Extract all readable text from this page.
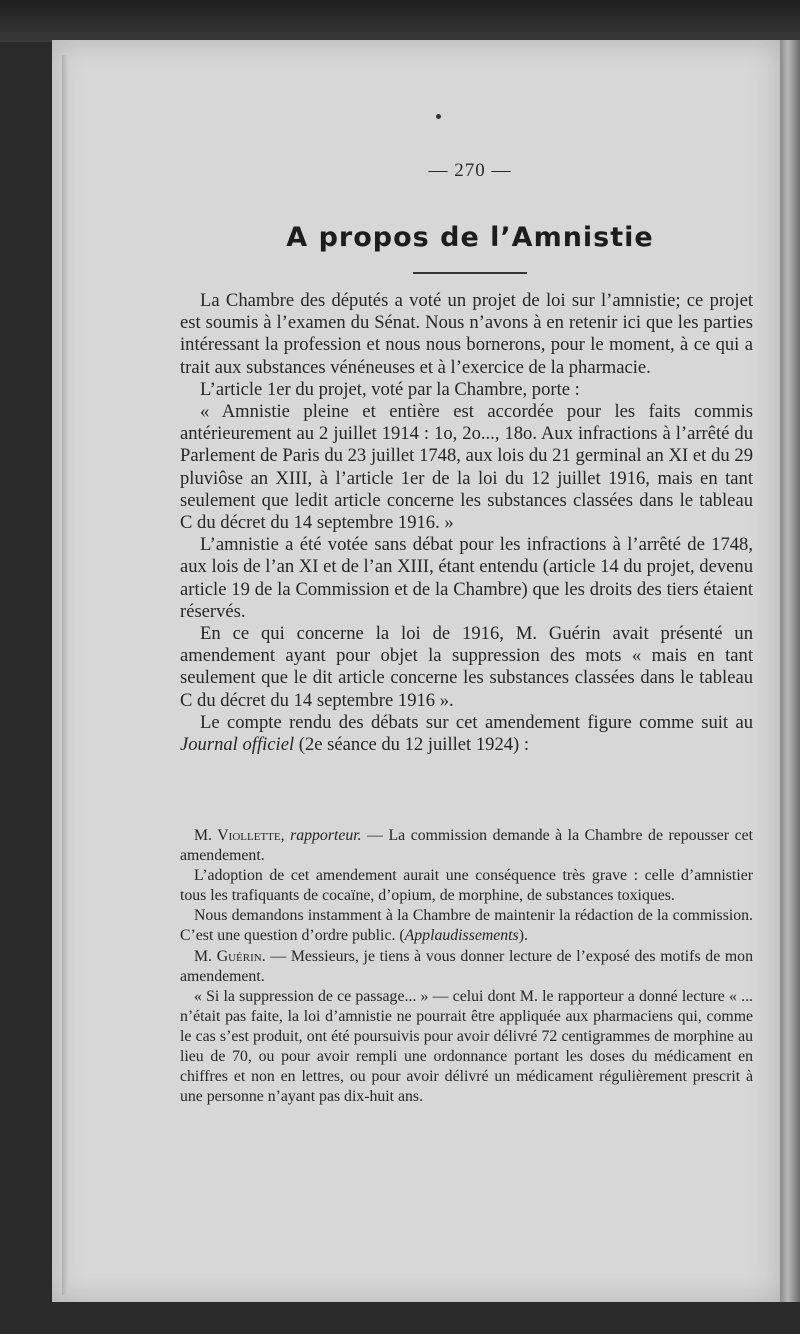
— 270 —
A propos de l’Amnistie

La Chambre des députés a voté un projet de loi sur l’amnistie; ce projet est soumis à l’examen du Sénat. Nous n’avons à en retenir ici que les parties intéressant la profession et nous nous bornerons, pour le moment, à ce qui a trait aux substances vénéneuses et à l’exercice de la pharmacie.

L’article 1er du projet, voté par la Chambre, porte :

« Amnistie pleine et entière est accordée pour les faits commis antérieurement au 2 juillet 1914 : 1o, 2o..., 18o. Aux infractions à l’arrêté du Parlement de Paris du 23 juillet 1748, aux lois du 21 germinal an XI et du 29 pluviôse an XIII, à l’article 1er de la loi du 12 juillet 1916, mais en tant seulement que ledit article concerne les substances classées dans le tableau C du décret du 14 septembre 1916. »

L’amnistie a été votée sans débat pour les infractions à l’arrêté de 1748, aux lois de l’an XI et de l’an XIII, étant entendu (article 14 du projet, devenu article 19 de la Commission et de la Chambre) que les droits des tiers étaient réservés.

En ce qui concerne la loi de 1916, M. Guérin avait présenté un amendement ayant pour objet la suppression des mots « mais en tant seulement que le dit article concerne les substances classées dans le tableau C du décret du 14 septembre 1916 ».

Le compte rendu des débats sur cet amendement figure comme suit au Journal officiel (2e séance du 12 juillet 1924) :

M. Viollette, rapporteur. — La commission demande à la Chambre de repousser cet amendement.

L’adoption de cet amendement aurait une conséquence très grave : celle d’amnistier tous les trafiquants de cocaïne, d’opium, de morphine, de substances toxiques.

Nous demandons instamment à la Chambre de maintenir la rédaction de la commission. C’est une question d’ordre public. (Applaudissements).

M. Guérin. — Messieurs, je tiens à vous donner lecture de l’exposé des motifs de mon amendement.

« Si la suppression de ce passage... » — celui dont M. le rapporteur a donné lecture « ... n’était pas faite, la loi d’amnistie ne pourrait être appliquée aux pharmaciens qui, comme le cas s’est produit, ont été poursuivis pour avoir délivré 72 centigrammes de morphine au lieu de 70, ou pour avoir rempli une ordonnance portant les doses du médicament en chiffres et non en lettres, ou pour avoir délivré un médicament régulièrement prescrit à une personne n’ayant pas dix-huit ans.
